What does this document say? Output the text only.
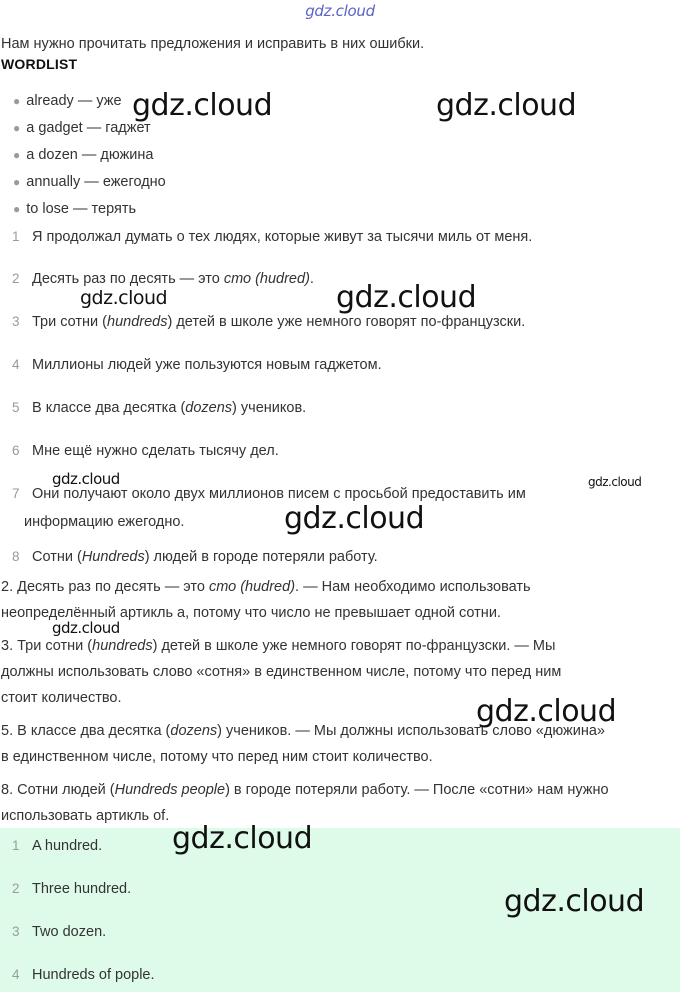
gdz.cloud
Нам нужно прочитать предложения и исправить в них ошибки.
WORDLIST
● already — уже
● a gadget — гаджет
● a dozen — дюжина
● annually — ежегодно
● to lose — терять
1 Я продолжал думать о тех людях, которые живут за тысячи миль от меня.
2 Десять раз по десять — это сто (hudred).
3 Три сотни (hundreds) детей в школе уже немного говорят по-французски.
4 Миллионы людей уже пользуются новым гаджетом.
5 В классе два десятка (dozens) учеников.
6 Мне ещё нужно сделать тысячу дел.
7 Они получают около двух миллионов писем с просьбой предоставить им
информацию ежегодно.
8 Сотни (Hundreds) людей в городе потеряли работу.
2. Десять раз по десять — это сто (hudred). — Нам необходимо использовать
неопределённый артикль a, потому что число не превышает одной сотни.
3. Три сотни (hundreds) детей в школе уже немного говорят по-французски. — Мы
должны использовать слово «сотня» в единственном числе, потому что перед ним
стоит количество.
5. В классе два десятка (dozens) учеников. — Мы должны использовать слово «дюжина»
в единственном числе, потому что перед ним стоит количество.
8. Сотни людей (Hundreds people) в городе потеряли работу. — После «сотни» нам нужно
использовать артикль of.
1 A hundred.
2 Three hundred.
3 Two dozen.
4 Hundreds of pople.
gdz.cloud	gdz.cloud
gdz.cloud	gdz.cloud
gdz.cloud	gdz.cloud
gdz.cloud
gdz.cloud
gdz.cloud
gdz.cloud
gdz.cloud
